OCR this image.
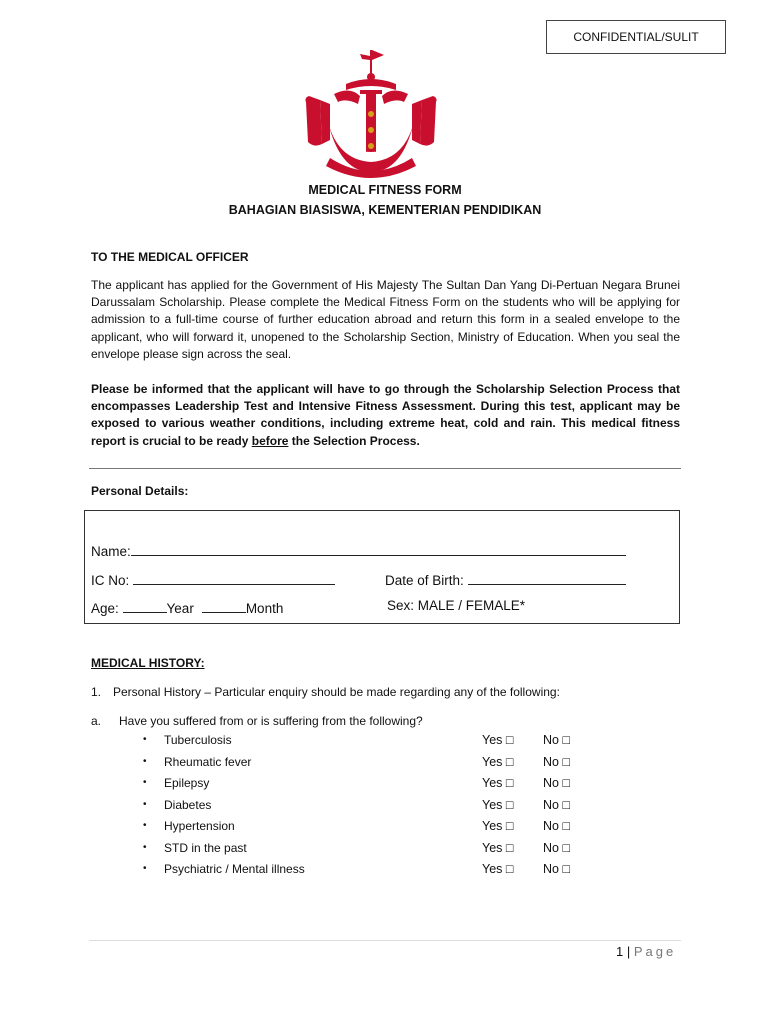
CONFIDENTIAL/SULIT
MEDICAL FITNESS FORM
BAHAGIAN BIASISWA, KEMENTERIAN PENDIDIKAN
TO THE MEDICAL OFFICER

The applicant has applied for the Government of His Majesty The Sultan Dan Yang Di-Pertuan Negara Brunei Darussalam Scholarship. Please complete the Medical Fitness Form on the students who will be applying for admission to a full-time course of further education abroad and return this form in a sealed envelope to the applicant, who will forward it, unopened to the Scholarship Section, Ministry of Education. When you seal the envelope please sign across the seal.

Please be informed that the applicant will have to go through the Scholarship Selection Process that encompasses Leadership Test and Intensive Fitness Assessment. During this test, applicant may be exposed to various weather conditions, including extreme heat, cold and rain. This medical fitness report is crucial to be ready before the Selection Process.

Personal Details:
Name:
IC No:	Date of Birth:
Age:	Year	Month	Sex: MALE / FEMALE*
MEDICAL HISTORY:
1. Personal History – Particular enquiry should be made regarding any of the following:
a. Have you suffered from or is suffering from the following?
• Tuberculosis	Yes □ No □
• Rheumatic fever	Yes □ No □
• Epilepsy	Yes □ No □
• Diabetes	Yes □ No □
• Hypertension	Yes □ No □
• STD in the past	Yes □ No □
• Psychiatric / Mental illness	Yes □ No □
1 | Page
